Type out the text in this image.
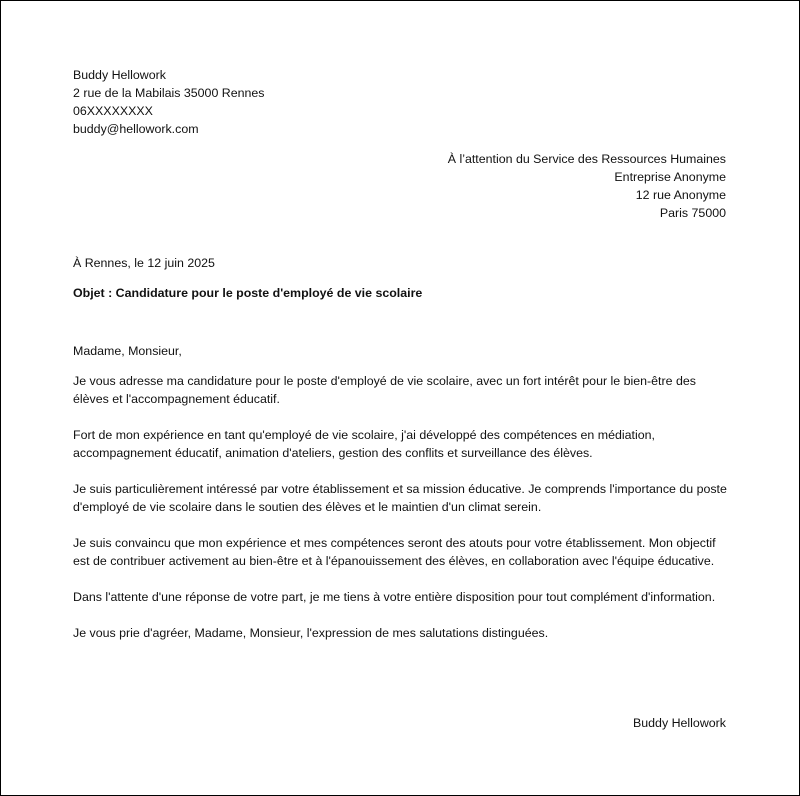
Buddy Hellowork
2 rue de la Mabilais 35000 Rennes
06XXXXXXXX
buddy@hellowork.com
À l’attention du Service des Ressources Humaines
Entreprise Anonyme
12 rue Anonyme
Paris 75000
À Rennes, le 12 juin 2025
Objet : Candidature pour le poste d'employé de vie scolaire

Madame, Monsieur,

Je vous adresse ma candidature pour le poste d'employé de vie scolaire, avec un fort intérêt pour le bien-être des élèves et l'accompagnement éducatif.

Fort de mon expérience en tant qu'employé de vie scolaire, j'ai développé des compétences en médiation, accompagnement éducatif, animation d'ateliers, gestion des conflits et surveillance des élèves.

Je suis particulièrement intéressé par votre établissement et sa mission éducative. Je comprends l'importance du poste d'employé de vie scolaire dans le soutien des élèves et le maintien d'un climat serein.

Je suis convaincu que mon expérience et mes compétences seront des atouts pour votre établissement. Mon objectif est de contribuer activement au bien-être et à l'épanouissement des élèves, en collaboration avec l'équipe éducative.

Dans l'attente d'une réponse de votre part, je me tiens à votre entière disposition pour tout complément d'information.

Je vous prie d'agréer, Madame, Monsieur, l'expression de mes salutations distinguées.

Buddy Hellowork
